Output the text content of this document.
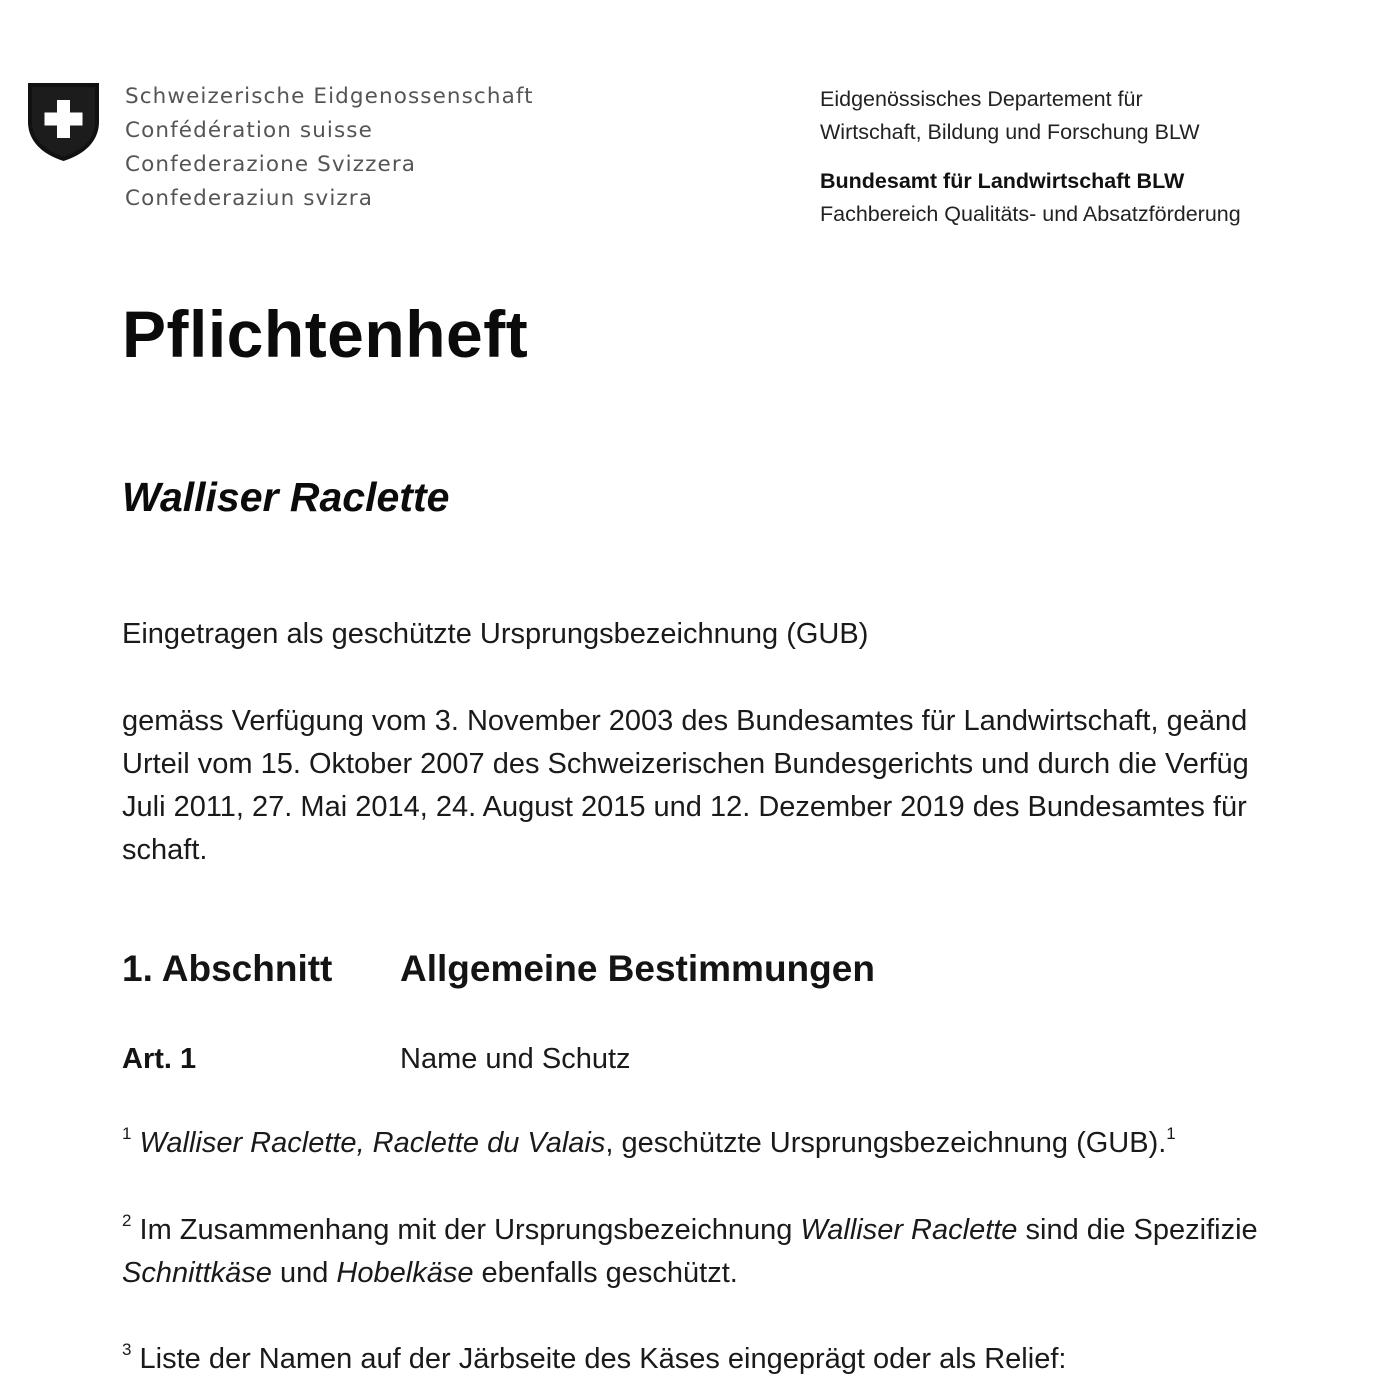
Schweizerische Eidgenossenschaft
Confédération suisse
Confederazione Svizzera
Confederaziun svizra
Eidgenössisches Departement für
Wirtschaft, Bildung und Forschung BLW
Bundesamt für Landwirtschaft BLW
Fachbereich Qualitäts- und Absatzförderung
Pflichtenheft
Walliser Raclette
Eingetragen als geschützte Ursprungsbezeichnung (GUB)
gemäss Verfügung vom 3. November 2003 des Bundesamtes für Landwirtschaft, geänd
Urteil vom 15. Oktober 2007 des Schweizerischen Bundesgerichts und durch die Verfüg
Juli 2011, 27. Mai 2014, 24. August 2015 und 12. Dezember 2019 des Bundesamtes für
schaft.
1. Abschnitt Allgemeine Bestimmungen
Art. 1	Name und Schutz
$^1$ Walliser Raclette, Raclette du Valais, geschützte Ursprungsbezeichnung (GUB).$^1$
$^2$ Im Zusammenhang mit der Ursprungsbezeichnung Walliser Raclette sind die Spezifizie
Schnittkäse und Hobelkäse ebenfalls geschützt.
$^3$ Liste der Namen auf der Järbseite des Käses eingeprägt oder als Relief:
